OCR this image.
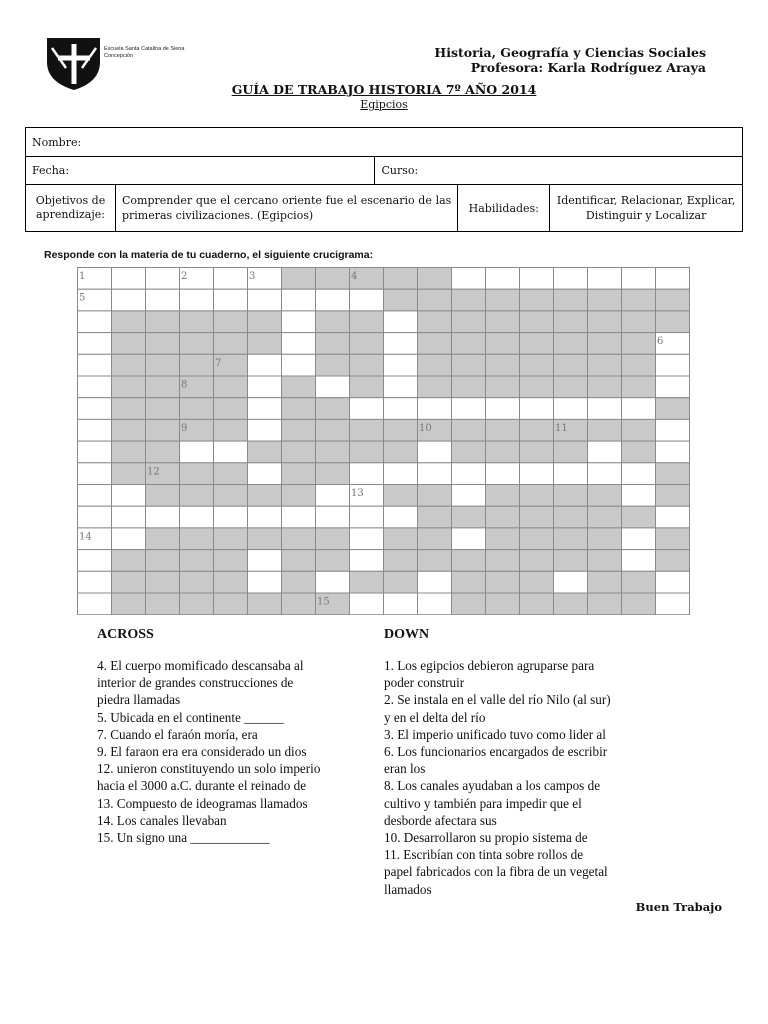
Escuela Santa Catalina de Siena
Concepción	Historia, Geografía y Ciencias Sociales
Profesora: Karla Rodríguez Araya
GUÍA DE TRABAJO HISTORIA 7º AÑO 2014
Egipcios
Nombre:				
Fecha:		Curso:		
Objetivos de aprendizaje:	Comprender que el cercano oriente fue el escenario de las primeras civilizaciones. (Egipcios)		Habilidades:	Identificar, Relacionar, Explicar, Distinguir y Localizar
Responde con la materia de tu cuaderno, el siguiente crucigrama:
1	2	3	4
5
6
7
8
9	10	11
12
13
14
15
ACROSS
4. El cuerpo momificado descansaba al
interior de grandes construcciones de
piedra llamadas
5. Ubicada en el continente ______
7. Cuando el faraón moría, era
9. El faraon era era considerado un dios
12. unieron constituyendo un solo imperio
hacia el 3000 a.C. durante el reinado de
13. Compuesto de ideogramas llamados
14. Los canales llevaban
15. Un signo una ____________
DOWN
1. Los egipcios debieron agruparse para
poder construir
2. Se instala en el valle del río Nilo (al sur)
y en el delta del río
3. El imperio unificado tuvo como lider al
6. Los funcionarios encargados de escribir
eran los
8. Los canales ayudaban a los campos de
cultivo y también para impedir que el
desborde afectara sus
10. Desarrollaron su propio sistema de
11. Escribían con tinta sobre rollos de
papel fabricados con la fibra de un vegetal
llamados
Buen Trabajo
